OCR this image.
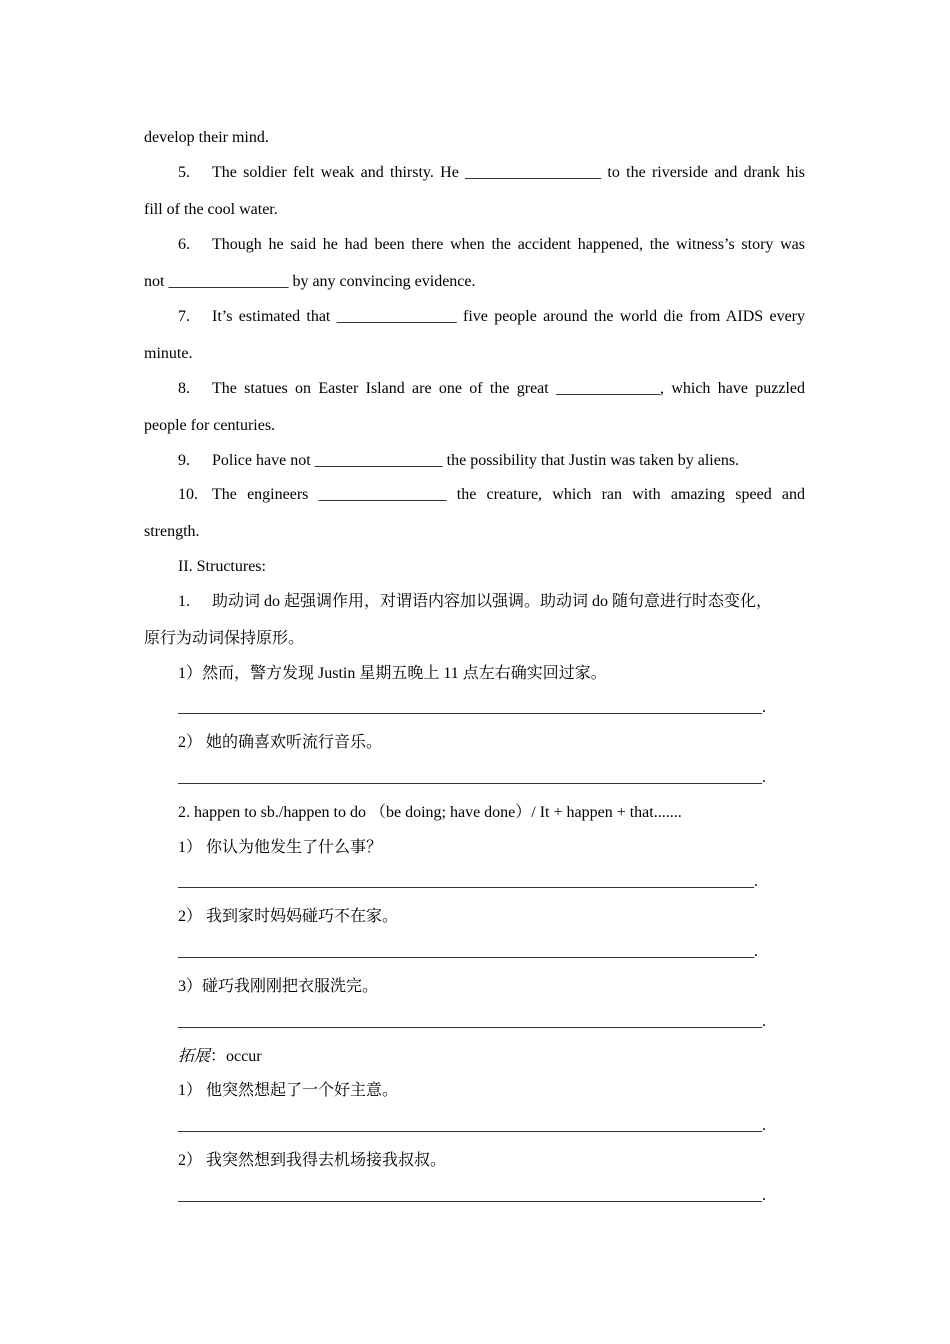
develop their mind.
5. The soldier felt weak and thirsty. He _________________ to the riverside and drank his
fill of the cool water.
6. Though he said he had been there when the accident happened, the witness’s story was
not _______________ by any convincing evidence.
7. It’s estimated that _______________ five people around the world die from AIDS every
minute.
8. The statues on Easter Island are one of the great _____________, which have puzzled
people for centuries.
9. Police have not ________________ the possibility that Justin was taken by aliens.
10. The engineers ________________ the creature, which ran with amazing speed and
strength.
II. Structures:
1. 助动词 do 起强调作用，对谓语内容加以强调。助动词 do 随句意进行时态变化，
原行为动词保持原形。
1）然而，警方发现 Justin 星期五晚上 11 点左右确实回过家。
_________________________________________________________________________.
2） 她的确喜欢听流行音乐。
_________________________________________________________________________.
2. happen to sb./happen to do （be doing; have done）/ It + happen + that.......
1） 你认为他发生了什么事？
________________________________________________________________________.
2） 我到家时妈妈碰巧不在家。
________________________________________________________________________.
3）碰巧我刚刚把衣服洗完。
_________________________________________________________________________.
拓展：occur
1） 他突然想起了一个好主意。
_________________________________________________________________________.
2） 我突然想到我得去机场接我叔叔。
_________________________________________________________________________.
